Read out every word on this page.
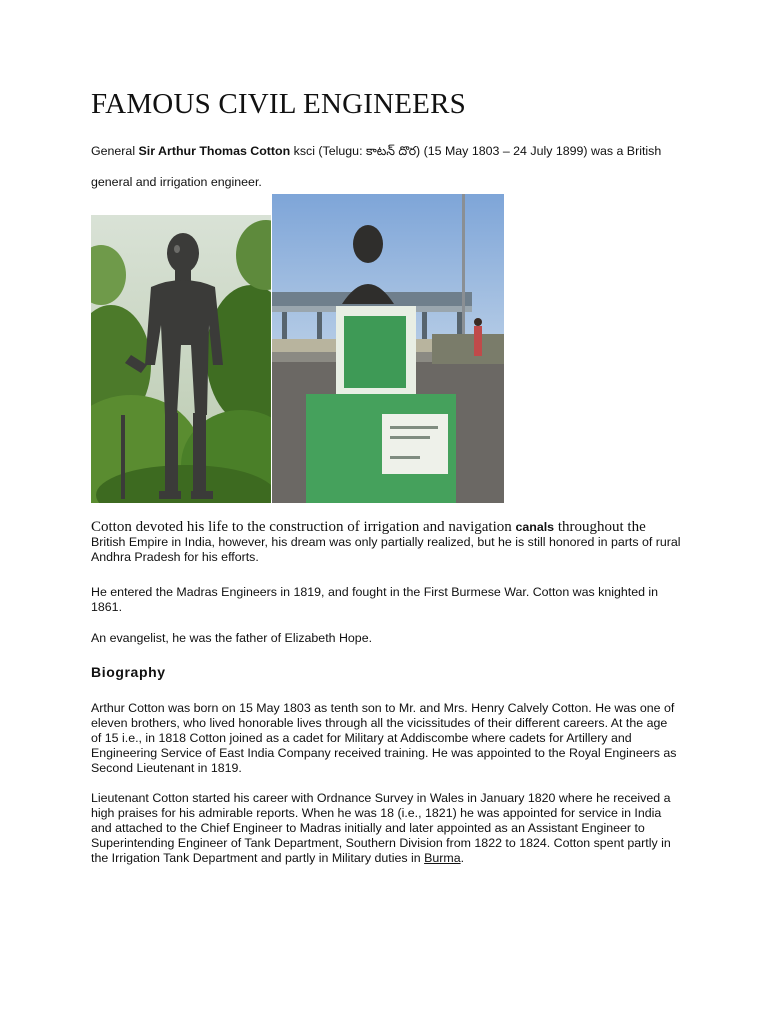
FAMOUS CIVIL ENGINEERS

General Sir Arthur Thomas Cotton ksci (Telugu: కాటన్ దొర) (15 May 1803 – 24 July 1899) was a British

general and irrigation engineer.

Cotton devoted his life to the construction of irrigation and navigation canals throughout the British Empire in India, however, his dream was only partially realized, but he is still honored in parts of rural Andhra Pradesh for his efforts.

He entered the Madras Engineers in 1819, and fought in the First Burmese War. Cotton was knighted in 1861.

An evangelist, he was the father of Elizabeth Hope.

Biography

Arthur Cotton was born on 15 May 1803 as tenth son to Mr. and Mrs. Henry Calvely Cotton. He was one of eleven brothers, who lived honorable lives through all the vicissitudes of their different careers. At the age of 15 i.e., in 1818 Cotton joined as a cadet for Military at Addiscombe where cadets for Artillery and Engineering Service of East India Company received training. He was appointed to the Royal Engineers as Second Lieutenant in 1819.

Lieutenant Cotton started his career with Ordnance Survey in Wales in January 1820 where he received a high praises for his admirable reports. When he was 18 (i.e., 1821) he was appointed for service in India and attached to the Chief Engineer to Madras initially and later appointed as an Assistant Engineer to Superintending Engineer of Tank Department, Southern Division from 1822 to 1824. Cotton spent partly in the Irrigation Tank Department and partly in Military duties in Burma.
